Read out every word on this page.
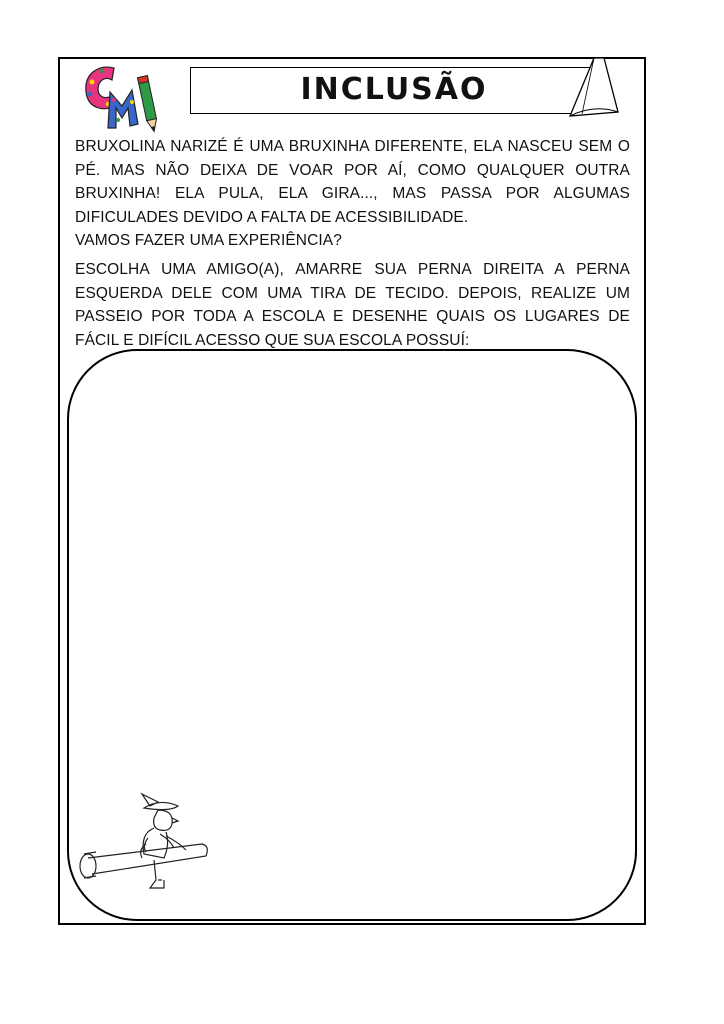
INCLUSÃO
BRUXOLINA NARIZÉ É UMA BRUXINHA DIFERENTE, ELA NASCEU SEM O PÉ. MAS NÃO DEIXA DE VOAR POR AÍ, COMO QUALQUER OUTRA BRUXINHA! ELA PULA, ELA GIRA..., MAS PASSA POR ALGUMAS DIFICULADES DEVIDO A FALTA DE ACESSIBILIDADE.
VAMOS FAZER UMA EXPERIÊNCIA?
ESCOLHA UMA AMIGO(A), AMARRE SUA PERNA DIREITA A PERNA ESQUERDA DELE COM UMA TIRA DE TECIDO. DEPOIS, REALIZE UM PASSEIO POR TODA A ESCOLA E DESENHE QUAIS OS LUGARES DE FÁCIL E DIFÍCIL ACESSO QUE SUA ESCOLA POSSUÍ:
